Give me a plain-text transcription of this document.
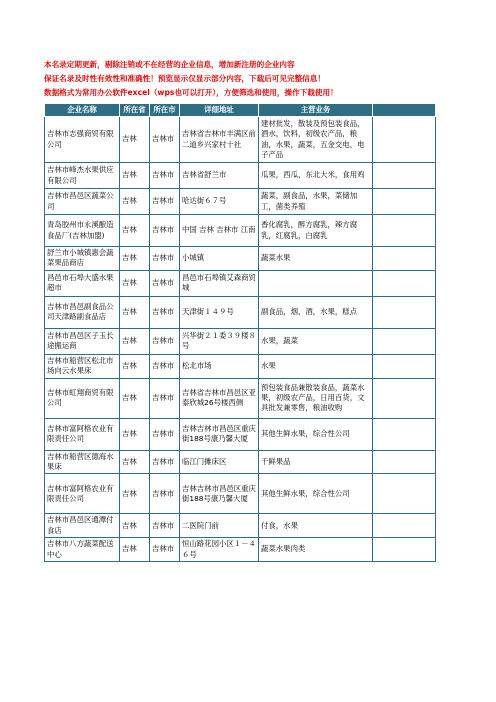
本名录定期更新，剔除注销或不在经营的企业信息，增加新注册的企业内容
保证名录及时性有效性和准确性！预览显示仅显示部分内容，下载后可见完整信息！
数据格式为常用办公软件excel（wps也可以打开），方便筛选和使用，操作下载使用！
企业名称	所在省	所在市	详细地址	主营业务	
吉林市志强商贸有限公司	吉林	吉林市	吉林省吉林市丰满区前二道乡兴家村十社	建材批发，散装及预包装食品，酒水，饮料，初级农产品，粮油，水果，蔬菜，五金交电，电子产品	
吉林市峰杰水果供应有限公司	吉林	吉林市	吉林省舒兰市	瓜果，西瓜，东北大米，食用鸡	
吉林市昌邑区蔬菜公司	吉林	吉林市	哈达街６７号	蔬菜，副食品，水果，菜储加工，菌类养殖	
青岛胶州市永溪酿造食品厂(吉林加盟)	吉林	吉林市	中国 吉林 吉林市 江南	香化腐乳，醉方腐乳，辣方腐乳，红腐乳，白腐乳	
舒兰市小城镇惠会蔬菜果品商店	吉林	吉林市	小城镇	蔬菜水果	
昌邑市石埠大盛水果超市	吉林	吉林市	昌邑市石埠镇艾森商贸城		
吉林市昌邑副食品公司天津路副食品店	吉林	吉林市	天津街１４９号	副食品，烟，酒，水果，糕点	
吉林市昌邑区子玉长途搬运商	吉林	吉林市	兴华街２１委３９楼８号	水果，蔬菜	
吉林市船营区松北市场向云水果床	吉林	吉林市	松北市场	水果	
吉林市虹翔商贸有限公司	吉林	吉林市	吉林省吉林市昌邑区亚泰欣城26号楼西侧	预包装食品兼散装食品，蔬菜水果，初级农产品，日用百货，文具批发兼零售，粮油收购	
吉林市富阿格农业有限责任公司	吉林	吉林市	吉林吉林市昌邑区重庆街188号康乃馨大厦	其他生鲜水果，综合性公司	
吉林市船营区德海水果床	吉林	吉林市	临江门摊床区	干鲜果品	
吉林市富阿格农业有限责任公司	吉林	吉林市	吉林吉林市昌邑区重庆街188号康乃馨大厦	其他生鲜水果，综合性公司	
吉林市昌邑区通潭付食店	吉林	吉林市	二医院门前	付食，水果	
吉林市八方蔬菜配送中心	吉林	吉林市	恒山路花园小区１－４６号	蔬菜水果肉类	
